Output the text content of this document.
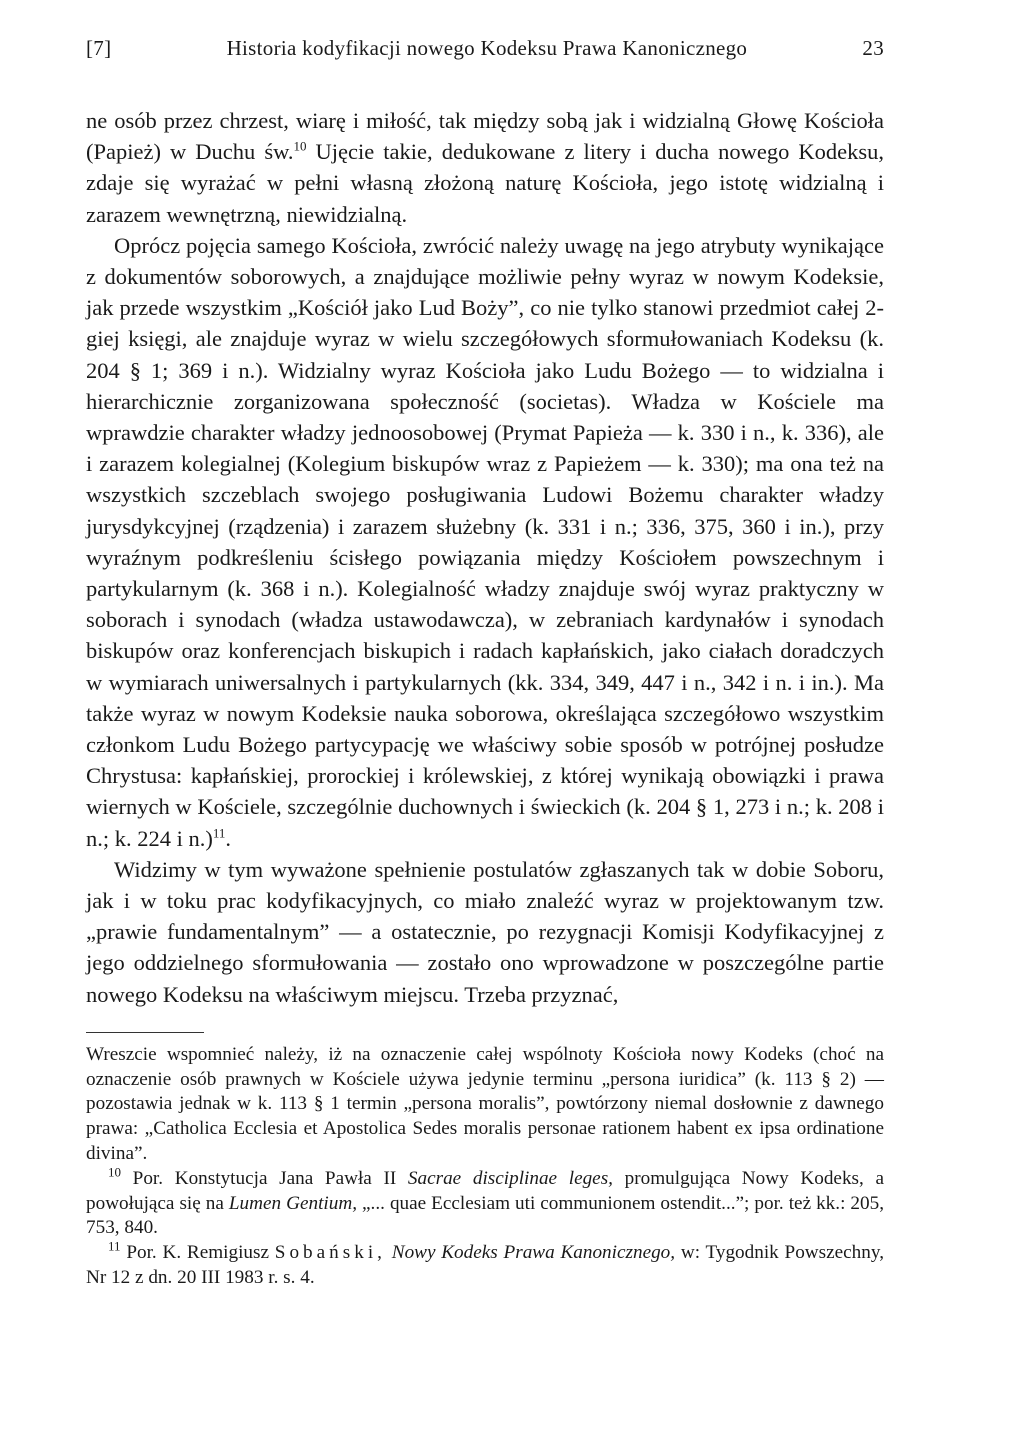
[7]	Historia kodyfikacji nowego Kodeksu Prawa Kanonicznego	23

ne osób przez chrzest, wiarę i miłość, tak między sobą jak i widzialną Głowę Kościoła (Papież) w Duchu św.$^{10}$ Ujęcie takie, dedukowane z litery i ducha nowego Kodeksu, zdaje się wyrażać w pełni własną złożoną naturę Kościoła, jego istotę widzialną i zarazem wewnętrzną, niewidzialną.

Oprócz pojęcia samego Kościoła, zwrócić należy uwagę na jego atrybuty wynikające z dokumentów soborowych, a znajdujące możliwie pełny wyraz w nowym Kodeksie, jak przede wszystkim „Kościół jako Lud Boży”, co nie tylko stanowi przedmiot całej 2-giej księgi, ale znajduje wyraz w wielu szczegółowych sformułowaniach Kodeksu (k. 204 § 1; 369 i n.). Widzialny wyraz Kościoła jako Ludu Bożego — to widzialna i hierarchicznie zorganizowana społeczność (societas). Władza w Kościele ma wprawdzie charakter władzy jednoosobowej (Prymat Papieża — k. 330 i n., k. 336), ale i zarazem kolegialnej (Kolegium biskupów wraz z Papieżem — k. 330); ma ona też na wszystkich szczeblach swojego posługiwania Ludowi Bożemu charakter władzy jurysdykcyjnej (rządzenia) i zarazem służebny (k. 331 i n.; 336, 375, 360 i in.), przy wyraźnym podkreśleniu ścisłego powiązania między Kościołem powszechnym i partykularnym (k. 368 i n.). Kolegialność władzy znajduje swój wyraz praktyczny w soborach i synodach (władza ustawodawcza), w zebraniach kardynałów i synodach biskupów oraz konferencjach biskupich i radach kapłańskich, jako ciałach doradczych w wymiarach uniwersalnych i partykularnych (kk. 334, 349, 447 i n., 342 i n. i in.). Ma także wyraz w nowym Kodeksie nauka soborowa, określająca szczegółowo wszystkim członkom Ludu Bożego partycypację we właściwy sobie sposób w potrójnej posłudze Chrystusa: kapłańskiej, prorockiej i królewskiej, z której wynikają obowiązki i prawa wiernych w Kościele, szczególnie duchownych i świeckich (k. 204 § 1, 273 i n.; k. 208 i n.; k. 224 i n.)$^{11}$.

Widzimy w tym wyważone spełnienie postulatów zgłaszanych tak w dobie Soboru, jak i w toku prac kodyfikacyjnych, co miało znaleźć wyraz w projektowanym tzw. „prawie fundamentalnym” — a ostatecznie, po rezygnacji Komisji Kodyfikacyjnej z jego oddzielnego sformułowania — zostało ono wprowadzone w poszczególne partie nowego Kodeksu na właściwym miejscu. Trzeba przyznać,

Wreszcie wspomnieć należy, iż na oznaczenie całej wspólnoty Kościoła nowy Kodeks (choć na oznaczenie osób prawnych w Kościele używa jedynie terminu „persona iuridica” (k. 113 § 2) — pozostawia jednak w k. 113 § 1 termin „persona moralis”, powtórzony niemal dosłownie z dawnego prawa: „Catholica Ecclesia et Apostolica Sedes moralis personae rationem habent ex ipsa ordinatione divina”.

$^{10}$ Por. Konstytucja Jana Pawła II Sacrae disciplinae leges, promulgująca Nowy Kodeks, a powołująca się na Lumen Gentium, „... quae Ecclesiam uti communionem ostendit...”; por. też kk.: 205, 753, 840.

$^{11}$ Por. K. Remigiusz Sobański, Nowy Kodeks Prawa Kanonicznego, w: Tygodnik Powszechny, Nr 12 z dn. 20 III 1983 r. s. 4.
